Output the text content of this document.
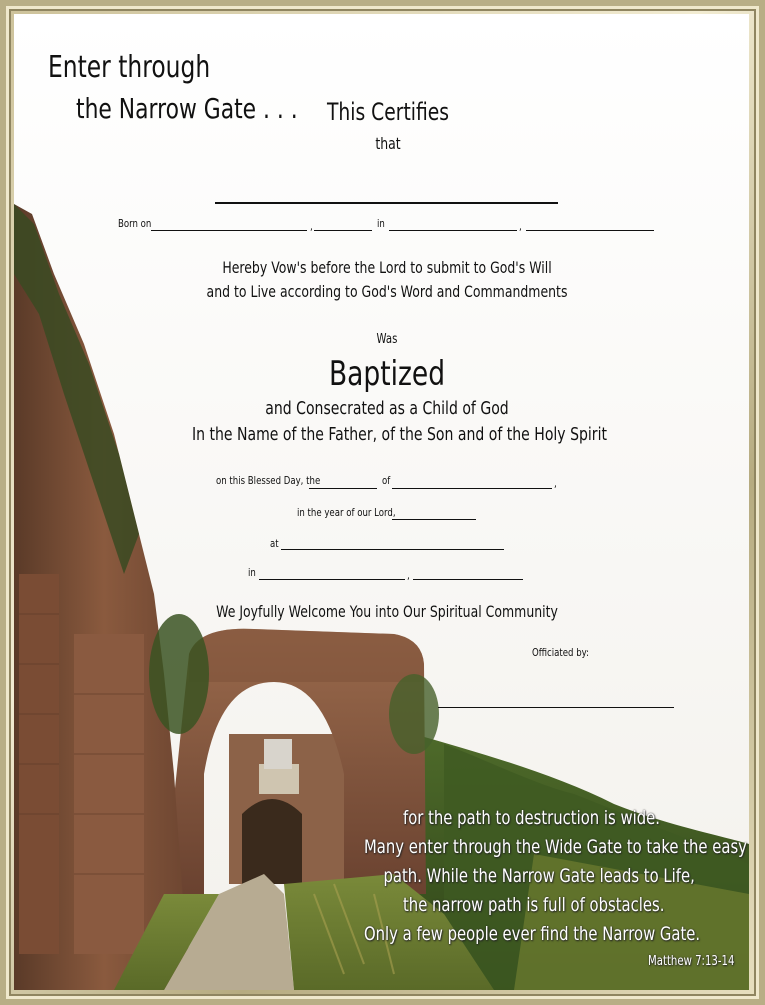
Enter through
the Narrow Gate . . .	This Certifies
that
Born on	,	in	,
Hereby Vow's before the Lord to submit to God's Will
and to Live according to God's Word and Commandments
Was
Baptized
and Consecrated as a Child of God
In the Name of the Father, of the Son and of the Holy Spirit
on this Blessed Day, the	of	,
in the year of our Lord,
at
in	,
We Joyfully Welcome You into Our Spiritual Community
Officiated by:
for the path to destruction is wide.
Many enter through the Wide Gate to take the easy
path. While the Narrow Gate leads to Life,
the narrow path is full of obstacles.
Only a few people ever find the Narrow Gate.
Matthew 7:13-14
